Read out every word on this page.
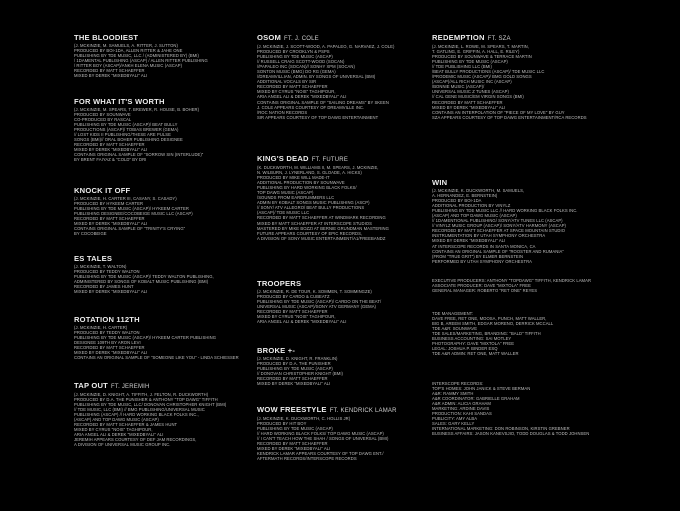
THE BLOODIEST
(J. MCKINZIE, M. SAMUELS, A. RITTER, J. SUTTON)
PRODUCED BY BOI-1DA, ALLEN RITTER & JAHE ONE
PUBLISHING BY TDE MUSIC, LLC / (ADMINISTERED BY) (BMI)
/ 1DAMENTAL PUBLISHING (ASCAP) / ALLEN RITTER PUBLISHING
/ RITTER BOY (ASCAP)/ANKH ELENA MUSIC (ASCAP)
RECORDED BY MATT SCHAEFFER
MIXED BY DEREK "MIXEDBYALI" ALI
FOR WHAT IT'S WORTH
(J. MCKINZIE, M. SPEARS, T. BREWER, R. HOUSE, B. BOHER)
PRODUCED BY SOUNWAVE
CO-PRODUCED BY RASCAL
PUBLISHING BY TDE MUSIC (ASCAP)/ BEAT BULLY
PRODUCTIONS (ASCAP)/ TOBIAS BREWER (GEMA)
// LOST KIDS II PUBLISHING/THESE ARE PULSE
SONGS (BMI)// ORAL BOHER PUBLISHING DESIGNEE
RECORDED BY MATT SCHAEFFER
MIXED BY DEREK "MIXEDBYALI" ALI
CONTAINS ORIGINAL SAMPLE OF "SORROW SIN (INTERLUDE)"
BY BRENT FAIYAZ & "COLD" BY DRI
KNOCK IT OFF
(J. MCKINZIE, H. CARTER III, CASANY, S. CASADY)
PRODUCED BY HYKEEM CARTER
PUBLISHING BY TDE MUSIC (ASCAP)/ HYKEEM CARTER
PUBLISHING DESIGNEE/COCOBEIGE MUSIC LLC (ASCAP)
RECORDED BY MATT SCHAEFFER
MIXED BY DEREK "MIXEDBYALI" ALI
CONTAINS ORIGINAL SAMPLE OF "TRINITY'S CRYING"
BY COCOBEIGE
ES TALES
(J. MCKINZIE, T. WALTON)
PRODUCED BY TEDDY WALTON
PUBLISHING BY TDE MUSIC (ASCAP)/ TEDDY WALTON PUBLISHING,
ADMINISTERED BY SONGS OF KOBALT MUSIC PUBLISHING (BMI)
RECORDED BY JAMES HUNT
MIXED BY DEREK "MIXEDBYALI" ALI
ROTATION 112TH
(J. MCKINZIE, H. CARTER)
PRODUCED BY TEDDY WALTON
PUBLISHING BY TDE MUSIC (ASCAP)/ HYKEEM CARTER PUBLISHING
DESIGNEE 109TH BY ARON LEVI
RECORDED BY MATT SCHAEFFER
MIXED BY DEREK "MIXEDBYALI" ALI
CONTAINS AN ORIGINAL SAMPLE OF "SOMEONE LIKE YOU" - LINDA SCHIESSER
TAP OUT FT. JEREMIH
(J. MCKINZIE, D. KNIGHT, A. TIFFITH, J. FELTON, R. DUCKWORTH)
PRODUCED BY D.A. THE PUNISHER & ANTHONY "TOP DAWG" TIFFITH
PUBLISHING BY TDE MUSIC, LLC/ DONOVAN CHRISTOPHER KNIGHT (BMI)
// TDE MUSIC, LLC (BMI) // BMG PUBLISHING/UNIVERSAL MUSIC
PUBLISHING (ASCAP) // HARD WORKING BLACK FOLKS INC.,
(ASCAP) AND TOP DAWG MUSIC (ASCAP)
RECORDED BY MATT SCHAEFFER & JAMES HUNT
MIXED BY CYRUS "NOIS" TAGHIPOUR,
ARIA ANGEL ALI & DEREK "MIXEDBYALI" ALI
JEREMIH APPEARS COURTESY OF DEF JAM RECORDINGS,
A DIVISION OF UNIVERSAL MUSIC GROUP INC.
OSOM FT. J. COLE
(J. MCKINZIE, J. SCOTT-WOOD, A. PAPALEO, G. NARVAEZ, J. COLE)
PRODUCED BY CROOKLYN & PSPS
PUBLISHING BY TDE MUSIC (ASCAP)
// RUSSELL CRAIG SCOTT-WOOD (SOCAN)
//PAPALEO INC (SOCAN)// SONHY XPM (SOCAN)
SONTON MUSIC (BMG) DO RG (GEMA)
//DREAMVILLIAN, ADMIN. BY SONGS OF UNIVERSAL (BMI)
ADDITIONAL VOCALS BY SIR
RECORDED BY MATT SCHAEFFER
MIXED BY CYRUS "NOIS" TAGHIPOUR,
ARIA ANGEL ALI & DEREK "MIXEDBYALI" ALI
CONTAINS ORIGINAL SAMPLE OF "SAILING DREAMS" BY SKEEN
J. COLE APPEARS COURTESY OF DREAMVILLE INC.
/ROC NATION RECORDS
SIR APPEARS COURTESY OF TOP DAWG ENTERTAINMENT
KING'S DEAD FT. FUTURE
(K. DUCKWORTH, M. WILLIAMS II, M. SPEARS, J. MCKINZIE,
N. WILBURN, J. LYNERLAND, S. GLOADE, A. HICKS)
PRODUCED BY MIKE WILL MADE-IT
ADDITIONAL PRODUCTION BY SOUNWAVE
PUBLISHING BY HARD WORKING BLACK FOLKS/
TOP DAWG MUSIC (ASCAP)
/SOUNDS FROM EARDRUMMERS LLC
ADMIN BY KOBALT SONGS MUSIC PUBLISHING (ASCP)
// SONY/ ATV ALLEGRO/ BEAT BULLY PRODUCTIONS
(ASCAP)/ TDE MUSIC LLC
RECORDED BY MATT SCHAEFFER AT WINDMARK RECORDING
MIXED BY MATT SCHAEFFER AT INTERSCOPE STUDIOS
MASTERED BY MIKE BOZZI AT BERNIE GRUNDMAN MASTERING
FUTURE APPEARS COURTESY OF EPIC RECORDS,
A DIVISION OF SONY MUSIC ENTERTAINMENT/A1/FREEBANDZ
TROOPERS
(J. MCKINZIE, R. DE TOUR, K. SOMMEN, T. SOMMINGZE)
PRODUCED BY CARDO & CUBEATZ
PUBLISHING BY TDE MUSIC (ASCAP)/ CARDO ON THE BEAT/
UNIVERSAL MUSIC (ASCAP)/SONY ATV GERMANY (GEMA)
RECORDED BY MATT SCHAEFFER
MIXED BY CYRUS "NOIS" TAGHIPOUR,
ARIA ANGEL ALI & DEREK "MIXEDBYALI" ALI
BROKE +-
(J. MCKINZIE, D. KNIGHT, R. FRANKLIN)
PRODUCED BY D.A. THE PUNISHER
PUBLISHING BY TDE MUSIC (ASCAP)
// DONOVAN CHRISTOPHER KNIGHT (BMI)
RECORDED BY MATT SCHAEFFER
MIXED BY DEREK "MIXEDBYALI" ALI
WOW FREESTYLE FT. KENDRICK LAMAR
(J. MCKINZIE, K. DUCKWORTH, C. HOLLIS JR)
PRODUCED BY HIT BOY
PUBLISHING BY TDE MUSIC (ASCAP)
// HARD WORKING BLACK FOLKS/ TOP DAWG MUSIC (ASCAP)
// I CAN'T TEACH HOW THE SHAH / SONGS OF UNIVERSAL (BMI)
RECORDED BY MATT SCHAEFFER
MIXED BY DEREK "MIXEDBYALI" ALI
KENDRICK LAMAR APPEARS COURTESY OF TOP DAWG ENT./
AFTERMATH RECORDS/INTERSCOPE RECORDS
REDEMPTION FT. SZA
(J. MCKINZIE, L. ROWE, M. SPEARS, T. MARTIN,
T. GATLING, E. GRIFFIN, A. HALL, E. RILEY)
PRODUCED BY SOUNWAVE & TERRACE MARTIN
PUBLISHING BY TDE MUSIC (ASCAP)
// TDE PUBLISHING LLC (BMI)
/BEAT BULLY PRODUCTIONS (ASCAP)/ TDE MUSIC LLC
/PRODEMIC MUSIC (ASCAP)/ BMG GOLD SONGS
(ASCAP)/ALL RICH MUSIC INC (ASCAP)
/BONNIE MUSIC (ASCAP)/
UNIVERSAL MUSIC Z TUNES (ASCAP)
// CAL GENE MUSIC/EM VIRGIN SONGS (BMI)
RECORDED BY MATT SCHAEFFER
MIXED BY DEREK "MIXEDBYALI" ALI
CONTAINS AN INTERPOLATION OF "PIECE OF MY LOVE" BY GUY
SZA APPEARS COURTESY OF TOP DAWG ENTERTAINMENT/RCA RECORDS
WIN
(J. MCKINZIE, K. DUCKWORTH, M. SAMUELS,
A. HERNANDEZ, E. BERNSTEIN)
PRODUCED BY BOI-1DA
ADDITIONAL PRODUCTION BY VINYLZ
PUBLISHING BY TDE MUSIC LLC // HARD WORKING BLACK FOLKS INC.
(ASCAP) AND TOP DAWG MUSIC (ASCAP)
// 1DAMENTIONAL PUBLISHING/ SONY/ATV TUNES LLC (ASCAP)
// VINYLZ MUSIC GROUP (ASCAP)/ SONY/ATV HARMONY (ASCAP)
RECORDED BY MATT SCHAEFFER AT SPACE MOUNTAIN STUDIO
INSTRUMENTATION BY UTAH SYMPHONY ORCHESTRA
MIXED BY DEREK "MIXEDBYALI" ALI
AT INTERSCOPE RECORDS IN SANTA MONICA, CA
CONTAINS AN ORIGINAL SAMPLE OF "ROOSTER AND RUMANIA"
(FROM "TRUE GRIT") BY ELMER BERNSTEIN
PERFORMED BY UTAH SYMPHONY ORCHESTRA
EXECUTIVE PRODUCERS: ANTHONY "TOPDAWG" TIFFITH, KENDRICK LAMAR
ASSOCIATE PRODUCER: DAVE "MIXTOLA" FREE
GENERAL MANAGER: ROBERTO "RET ONE" REYES
TDE MANAGEMENT:
DAVE FREE, RET ONE, MOOSA, PUNCH, MATT WALLER,
BIG B, AREEM SMITH, EDGAR MORENO, DERRICK MCCALL
TDE A&R: SOUNWAVE
TDE SALES/MARKETING, BRANDING: "BALD" TIFFITH
BUSINESS ACCOUNTING: SAI MOTLEY
PHOTOGRAPHY: DAVE "MIXTOLA" FREE
LEGAL: JOSHUA P. BINDER ESQ
TDE A&R ADMIN: RET ONE, MATT WALLER
INTERSCOPE RECORDS:
TOP'S HOMES: JOHN JANICK & STEVE BERMAN
A&R: RAMMY SMITH
A&R COORDINATOR: GABRIELLE GRAHAM
A&R ADMIN: ALICIA GRAHAM
MARKETING: ARDINE DAVIS
PRODUCTION: KAHI SANDAS
PUBLICITY: AMY ALBA
SALES: GARY KELLY
INTERNATIONAL MARKETING: DON ROBINSON, KIRSTIN GREBNER
BUSINESS AFFAIRS: JASON KANEVSJIO, TODD DOUGLAS & TODD JOHNSEN
